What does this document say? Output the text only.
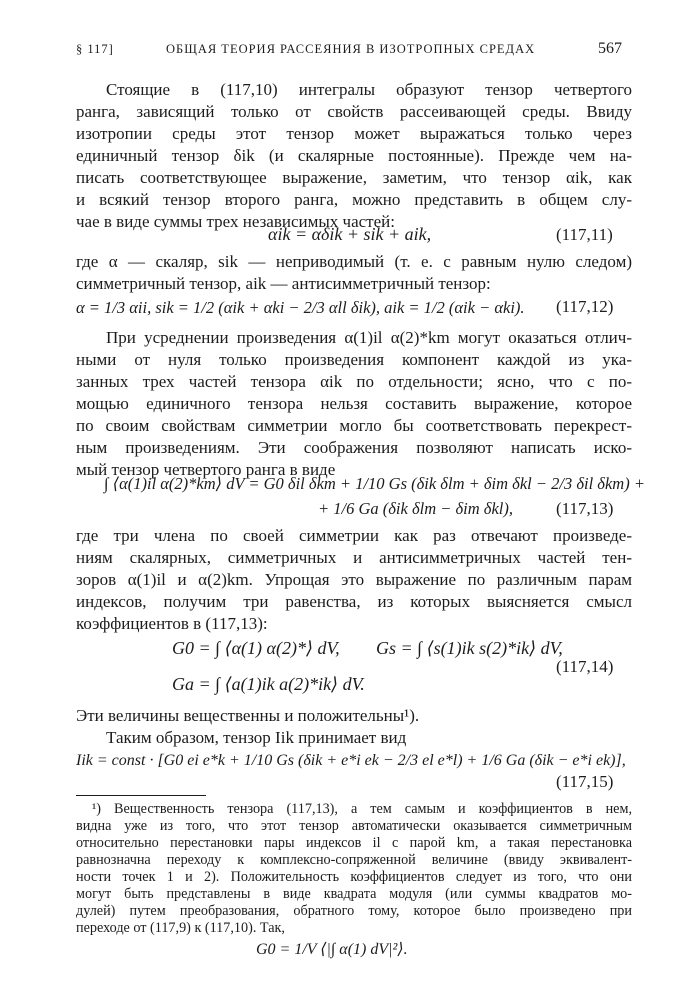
§ 117]	ОБЩАЯ ТЕОРИЯ РАССЕЯНИЯ В ИЗОТРОПНЫХ СРЕДАХ	567
Стоящие в (117,10) интегралы образуют тензор четвертого
ранга, зависящий только от свойств рассеивающей среды. Ввиду
изотропии среды этот тензор может выражаться только через
единичный тензор δik (и скалярные постоянные). Прежде чем на-
писать соответствующее выражение, заметим, что тензор αik, как
и всякий тензор второго ранга, можно представить в общем слу-
чае в виде суммы трех независимых частей:
αik = αδik + sik + aik,	(117,11)
где α — скаляр, sik — неприводимый (т. е. с равным нулю следом)
симметричный тензор, aik — антисимметричный тензор:
α = 1/3 αii, sik = 1/2 (αik + αki − 2/3 αll δik), aik = 1/2 (αik − αki). (117,12)
При усреднении произведения α(1)il α(2)*km могут оказаться отлич-
ными от нуля только произведения компонент каждой из ука-
занных трех частей тензора αik по отдельности; ясно, что с по-
мощью единичного тензора нельзя составить выражение, которое
по своим свойствам симметрии могло бы соответствовать перекрест-
ным произведениям. Эти соображения позволяют написать иско-
мый тензор четвертого ранга в виде
∫ ⟨α(1)il α(2)*km⟩ dV = G0 δil δkm + 1/10 Gs (δik δlm + δim δkl − 2/3 δil δkm) +
+ 1/6 Ga (δik δlm − δim δkl),	(117,13)
где три члена по своей симметрии как раз отвечают произведе-
ниям скалярных, симметричных и антисимметричных частей тен-
зоров α(1)il и α(2)km. Упрощая это выражение по различным парам
индексов, получим три равенства, из которых выясняется смысл
коэффициентов в (117,13):
G0 = ∫ ⟨α(1) α(2)*⟩ dV, Gs = ∫ ⟨s(1)ik s(2)*ik⟩ dV,
Ga = ∫ ⟨a(1)ik a(2)*ik⟩ dV.
(117,14)
Эти величины вещественны и положительны¹).
Таким образом, тензор Iik принимает вид
Iik = const · [G0 ei e*k + 1/10 Gs (δik + e*i ek − 2/3 el e*l) + 1/6 Ga (δik − e*i ek)],
(117,15)
¹) Вещественность тензора (117,13), а тем самым и коэффициентов в нем,
видна уже из того, что этот тензор автоматически оказывается симметричным
относительно перестановки пары индексов il с парой km, а такая перестановка
равнозначна переходу к комплексно-сопряженной величине (ввиду эквивалент-
ности точек 1 и 2). Положительность коэффициентов следует из того, что они
могут быть представлены в виде квадрата модуля (или суммы квадратов мо-
дулей) путем преобразования, обратного тому, которое было произведено при
переходе от (117,9) к (117,10). Так,
G0 = 1/V ⟨|∫ α(1) dV|²⟩.
